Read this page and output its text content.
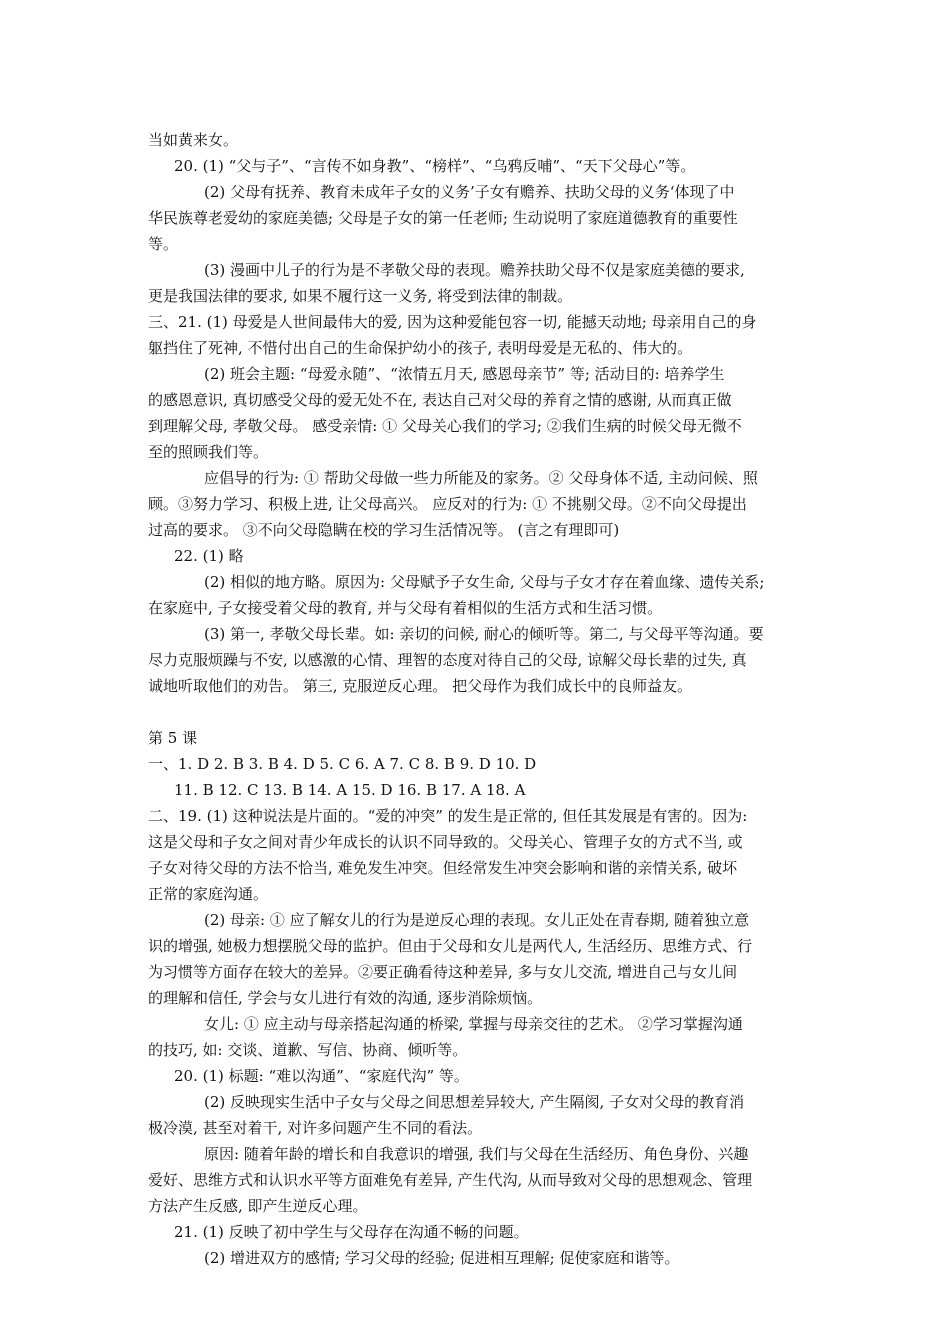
当如黄来女。
20. (1) “父与子”、“言传不如身教”、“榜样”、“乌鸦反哺”、“天下父母心”等。
(2) 父母有抚养、教育未成年子女的义务’子女有赡养、扶助父母的义务‘体现了中
华民族尊老爱幼的家庭美德; 父母是子女的第一任老师; 生动说明了家庭道德教育的重要性
等。
(3) 漫画中儿子的行为是不孝敬父母的表现。赡养扶助父母不仅是家庭美德的要求,
更是我国法律的要求, 如果不履行这一义务, 将受到法律的制裁。
三、21. (1) 母爱是人世间最伟大的爱, 因为这种爱能包容一切, 能撼天动地; 母亲用自己的身
躯挡住了死神, 不惜付出自己的生命保护幼小的孩子, 表明母爱是无私的、伟大的。
(2) 班会主题: “母爱永随”、“浓情五月天, 感恩母亲节” 等; 活动目的: 培养学生
的感恩意识, 真切感受父母的爱无处不在, 表达自己对父母的养育之情的感谢, 从而真正做
到理解父母, 孝敬父母。 感受亲情: ① 父母关心我们的学习; ②我们生病的时候父母无微不
至的照顾我们等。
应倡导的行为: ① 帮助父母做一些力所能及的家务。② 父母身体不适, 主动问候、照
顾。③努力学习、积极上进, 让父母高兴。 应反对的行为: ① 不挑剔父母。②不向父母提出
过高的要求。 ③不向父母隐瞒在校的学习生活情况等。 (言之有理即可)
22. (1) 略
(2) 相似的地方略。原因为: 父母赋予子女生命, 父母与子女才存在着血缘、遗传关系;
在家庭中, 子女接受着父母的教育, 并与父母有着相似的生活方式和生活习惯。
(3) 第一, 孝敬父母长辈。如: 亲切的问候, 耐心的倾听等。第二, 与父母平等沟通。要
尽力克服烦躁与不安, 以感激的心情、理智的态度对待自己的父母, 谅解父母长辈的过失, 真
诚地听取他们的劝告。 第三, 克服逆反心理。 把父母作为我们成长中的良师益友。
第 5 课
一、1. D 2. B 3. B 4. D 5. C 6. A 7. C 8. B 9. D 10. D
11. B 12. C 13. B 14. A 15. D 16. B 17. A 18. A
二、19. (1) 这种说法是片面的。“爱的冲突” 的发生是正常的, 但任其发展是有害的。因为:
这是父母和子女之间对青少年成长的认识不同导致的。父母关心、管理子女的方式不当, 或
子女对待父母的方法不恰当, 难免发生冲突。但经常发生冲突会影响和谐的亲情关系, 破坏
正常的家庭沟通。
(2) 母亲: ① 应了解女儿的行为是逆反心理的表现。女儿正处在青春期, 随着独立意
识的增强, 她极力想摆脱父母的监护。但由于父母和女儿是两代人, 生活经历、思维方式、行
为习惯等方面存在较大的差异。②要正确看待这种差异, 多与女儿交流, 增进自己与女儿间
的理解和信任, 学会与女儿进行有效的沟通, 逐步消除烦恼。
女儿: ① 应主动与母亲搭起沟通的桥梁, 掌握与母亲交往的艺术。 ②学习掌握沟通
的技巧, 如: 交谈、道歉、写信、协商、倾听等。
20. (1) 标题: “难以沟通”、“家庭代沟” 等。
(2) 反映现实生活中子女与父母之间思想差异较大, 产生隔阂, 子女对父母的教育消
极冷漠, 甚至对着干, 对许多问题产生不同的看法。
原因: 随着年龄的增长和自我意识的增强, 我们与父母在生活经历、角色身份、兴趣
爱好、思维方式和认识水平等方面难免有差异, 产生代沟, 从而导致对父母的思想观念、管理
方法产生反感, 即产生逆反心理。
21. (1) 反映了初中学生与父母存在沟通不畅的问题。
(2) 增进双方的感情; 学习父母的经验; 促进相互理解; 促使家庭和谐等。
